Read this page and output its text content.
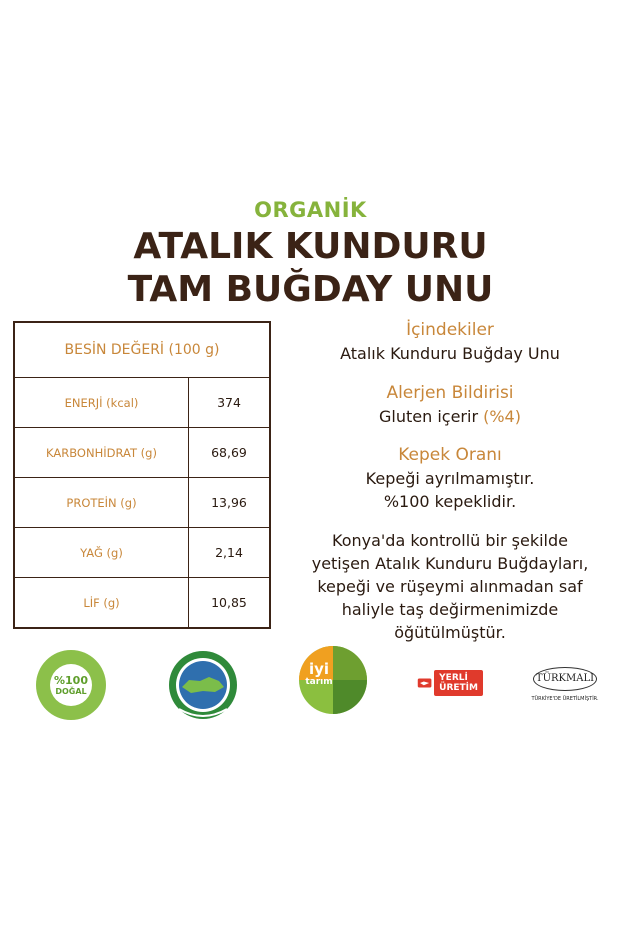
ORGANİK
ATALIK KUNDURU
TAM BUĞDAY UNU
BESİN DEĞERİ (100 g)	
ENERJİ (kcal)	374
KARBONHİDRAT (g)	68,69
PROTEİN (g)	13,96
YAĞ (g)	2,14
LİF (g)	10,85
İçindekiler
Atalık Kunduru Buğday Unu
Alerjen Bildirisi
Gluten içerir (%4)
Kepek Oranı
Kepeği ayrılmamıştır.
%100 kepeklidir.
Konya'da kontrollü bir şekilde
yetişen Atalık Kunduru Buğdayları,
kepeği ve rüşeymi alınmadan saf
haliyle taş değirmenimizde
öğütülmüştür.
%100
DOĞAL
iyi
tarım	YERLİ
ÜRETİM
TÜRKMALI
TÜRKİYE'DE ÜRETİLMİŞTİR.
